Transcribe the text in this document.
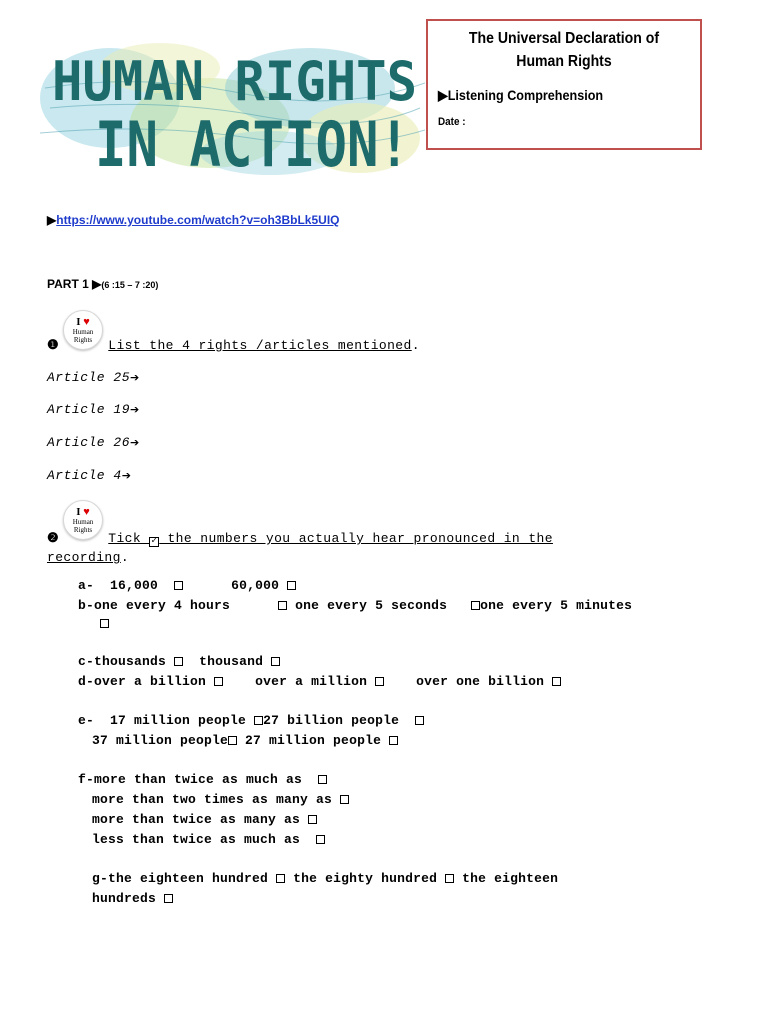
HUMAN RIGHTS
IN ACTION!
The Universal Declaration of
Human Rights
▶Listening Comprehension
Date :
▶https://www.youtube.com/watch?v=oh3BbLk5UIQ
PART 1 ▶(6 :15 – 7 :20)
I ♥
Human
Rights
❶	List the 4 rights /articles mentioned.
Article 25➔
Article 19➔
Article 26➔
Article 4➔
I ♥
Human
Rights
❷	Tick ✓ the numbers you actually hear pronounced in the
recording.
a- 16,000	60,000
b-one every 4 hours	one every 5 seconds	one every 5 minutes
c-thousands	thousand
d-over a billion	over a million	over one billion
e- 17 million people 27 billion people
37 million people 27 million people
f-more than twice as much as
more than two times as many as
more than twice as many as
less than twice as much as
g-the eighteen hundred the eighty hundred the eighteen
hundreds
